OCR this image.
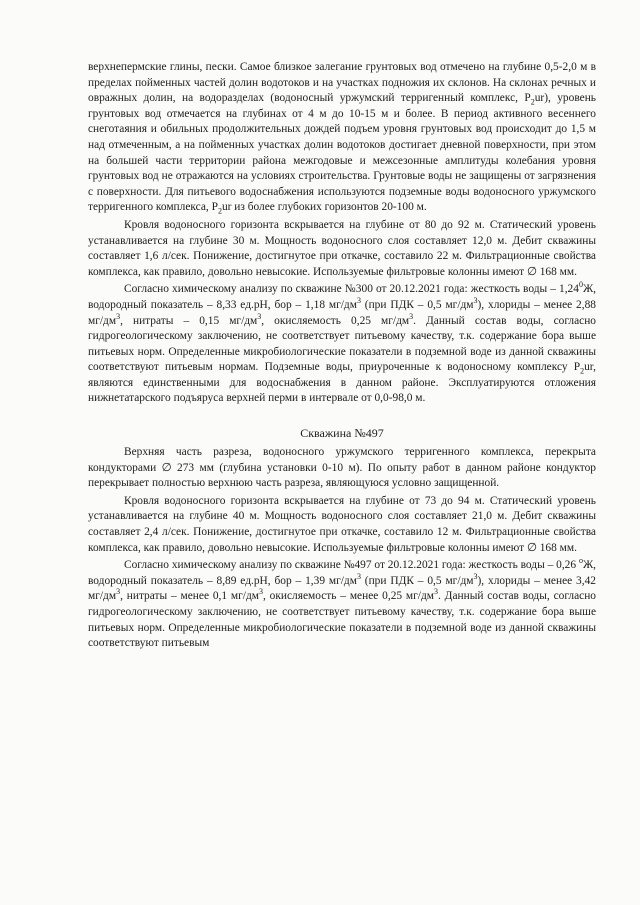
верхнепермские глины, пески. Самое близкое залегание грунтовых вод отмечено на глубине 0,5-2,0 м в пределах пойменных частей долин водотоков и на участках подножия их склонов. На склонах речных и овражных долин, на водоразделах (водоносный уржумский терригенный комплекс, $P_2ur$), уровень грунтовых вод отмечается на глубинах от 4 м до 10-15 м и более. В период активного весеннего снеготаяния и обильных продолжительных дождей подъем уровня грунтовых вод происходит до 1,5 м над отмеченным, а на пойменных участках долин водотоков достигает дневной поверхности, при этом на большей части территории района межгодовые и межсезонные амплитуды колебания уровня грунтовых вод не отражаются на условиях строительства. Грунтовые воды не защищены от загрязнения с поверхности. Для питьевого водоснабжения используются подземные воды водоносного уржумского терригенного комплекса, $P_2ur$ из более глубоких горизонтов 20-100 м.

Кровля водоносного горизонта вскрывается на глубине от 80 до 92 м. Статический уровень устанавливается на глубине 30 м. Мощность водоносного слоя составляет 12,0 м. Дебит скважины составляет 1,6 л/сек. Понижение, достигнутое при откачке, составило 22 м. Фильтрационные свойства комплекса, как правило, довольно невысокие. Используемые фильтровые колонны имеют ∅ 168 мм.

Согласно химическому анализу по скважине №300 от 20.12.2021 года: жесткость воды – 1,24$^0$Ж, водородный показатель – 8,33 ед.pH, бор – 1,18 $мг/дм^3$ (при ПДК – 0,5 $мг/дм^3$), хлориды – менее 2,88 $мг/дм^3$, нитраты – 0,15 $мг/дм^3$, окисляемость 0,25 $мг/дм^3$. Данный состав воды, согласно гидрогеологическому заключению, не соответствует питьевому качеству, т.к. содержание бора выше питьевых норм. Определенные микробиологические показатели в подземной воде из данной скважины соответствуют питьевым нормам. Подземные воды, приуроченные к водоносному комплексу $P_2ur$, являются единственными для водоснабжения в данном районе. Эксплуатируются отложения нижнетатарского подъяруса верхней перми в интервале от 0,0-98,0 м.

Скважина №497

Верхняя часть разреза, водоносного уржумского терригенного комплекса, перекрыта кондукторами ∅ 273 мм (глубина установки 0-10 м). По опыту работ в данном районе кондуктор перекрывает полностью верхнюю часть разреза, являющуюся условно защищенной.

Кровля водоносного горизонта вскрывается на глубине от 73 до 94 м. Статический уровень устанавливается на глубине 40 м. Мощность водоносного слоя составляет 21,0 м. Дебит скважины составляет 2,4 л/сек. Понижение, достигнутое при откачке, составило 12 м. Фильтрационные свойства комплекса, как правило, довольно невысокие. Используемые фильтровые колонны имеют ∅ 168 мм.

Согласно химическому анализу по скважине №497 от 20.12.2021 года: жесткость воды – 0,26 $^о$Ж, водородный показатель – 8,89 ед.pH, бор – 1,39 $мг/дм^3$ (при ПДК – 0,5 $мг/дм^3$), хлориды – менее 3,42 $мг/дм^3$, нитраты – менее 0,1 $мг/дм^3$, окисляемость – менее 0,25 $мг/дм^3$. Данный состав воды, согласно гидрогеологическому заключению, не соответствует питьевому качеству, т.к. содержание бора выше питьевых норм. Определенные микробиологические показатели в подземной воде из данной скважины соответствуют питьевым
